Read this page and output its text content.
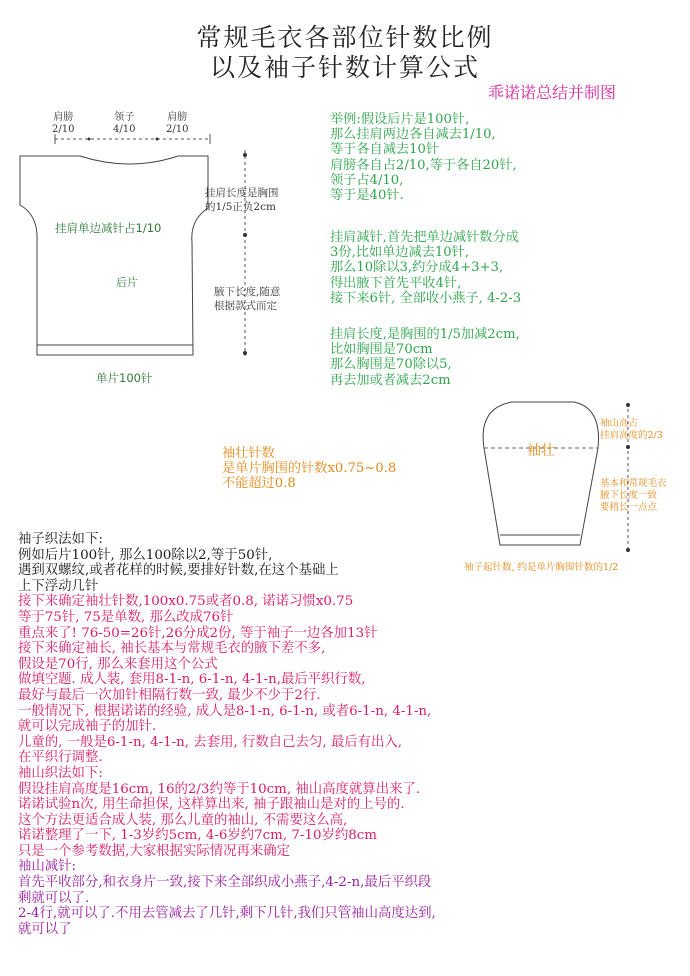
常规毛衣各部位针数比例
以及袖子针数计算公式
乖诺诺总结并制图
肩膀
2/10
领子
4/10
肩膀
2/10
挂肩长度是胸围
的1/5正负2cm
挂肩单边减针占1/10
后片
腋下长度,随意
根据款式而定
单片100针
举例:假设后片是100针,
那么挂肩两边各自减去1/10,
等于各自减去10针
肩膀各自占2/10,等于各自20针,
领子占4/10,
等于是40针.
挂肩减针,首先把单边减针数分成
3份,比如单边减去10针,
那么10除以3,约分成4+3+3,
得出腋下首先平收4针,
接下来6针, 全部收小燕子, 4-2-3
挂肩长度,是胸围的1/5加减2cm,
比如胸围是70cm
那么胸围是70除以5,
再去加或者减去2cm
袖壮
袖山高占
挂肩高度的2/3
基本和常规毛衣
腋下长度一致
要稍长一点点
袖子起针数, 约是单片胸围针数的1/2
袖壮针数
是单片胸围的针数x0.75~0.8
不能超过0.8
袖子织法如下:
例如后片100针, 那么100除以2,等于50针,
遇到双螺纹,或者花样的时候,要排好针数,在这个基础上
上下浮动几针
接下来确定袖壮针数,100x0.75或者0.8, 诺诺习惯x0.75
等于75针, 75是单数, 那么改成76针
重点来了! 76-50=26针,26分成2份, 等于袖子一边各加13针
接下来确定袖长, 袖长基本与常规毛衣的腋下差不多,
假设是70行, 那么来套用这个公式
做填空题. 成人装, 套用8-1-n, 6-1-n, 4-1-n,最后平织行数,
最好与最后一次加针相隔行数一致, 最少不少于2行.
一般情况下, 根据诺诺的经验, 成人是8-1-n, 6-1-n, 或者6-1-n, 4-1-n,
就可以完成袖子的加针.
儿童的, 一般是6-1-n, 4-1-n, 去套用, 行数自己去匀, 最后有出入,
在平织行调整.
袖山织法如下:
假设挂肩高度是16cm, 16的2/3约等于10cm, 袖山高度就算出来了.
诺诺试验n次, 用生命担保, 这样算出来, 袖子跟袖山是对的上号的.
这个方法更适合成人装, 那么儿童的袖山, 不需要这么高,
诺诺整理了一下, 1-3岁约5cm, 4-6岁约7cm, 7-10岁约8cm
只是一个参考数据,大家根据实际情况再来确定
袖山减针:
首先平收部分,和衣身片一致,接下来全部织成小燕子,4-2-n,最后平织段
剩就可以了.
2-4行,就可以了.不用去管减去了几针,剩下几针,我们只管袖山高度达到,
就可以了
